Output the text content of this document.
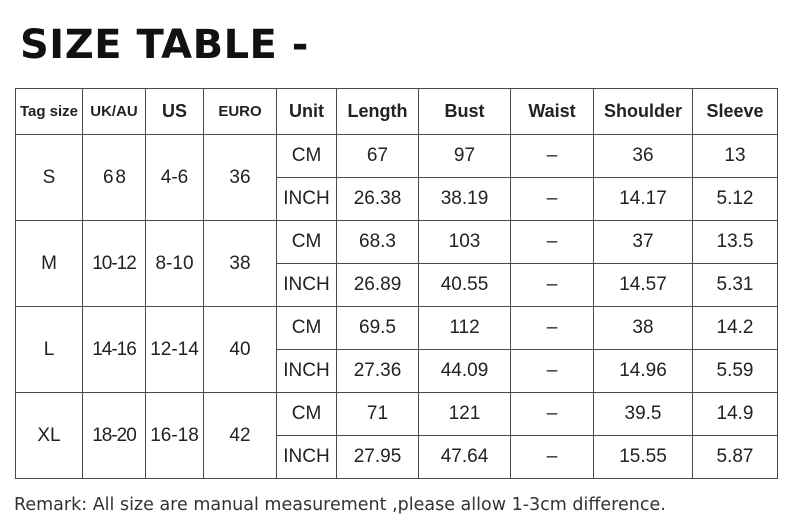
SIZE TABLE -
Tag size	UK/AU	US	EURO	Unit	Length	Bust	Waist	Shoulder	Sleeve
S	6 8	4-6	36	CM	67	97	–	36	13
				INCH	26.38	38.19	–	14.17	5.12
M	10-12	8-10	38	CM	68.3	103	–	37	13.5
				INCH	26.89	40.55	–	14.57	5.31
L	14-16	12-14	40	CM	69.5	112	–	38	14.2
				INCH	27.36	44.09	–	14.96	5.59
XL	18-20	16-18	42	CM	71	121	–	39.5	14.9
				INCH	27.95	47.64	–	15.55	5.87
Remark: All size are manual measurement ,please allow 1-3cm difference.
